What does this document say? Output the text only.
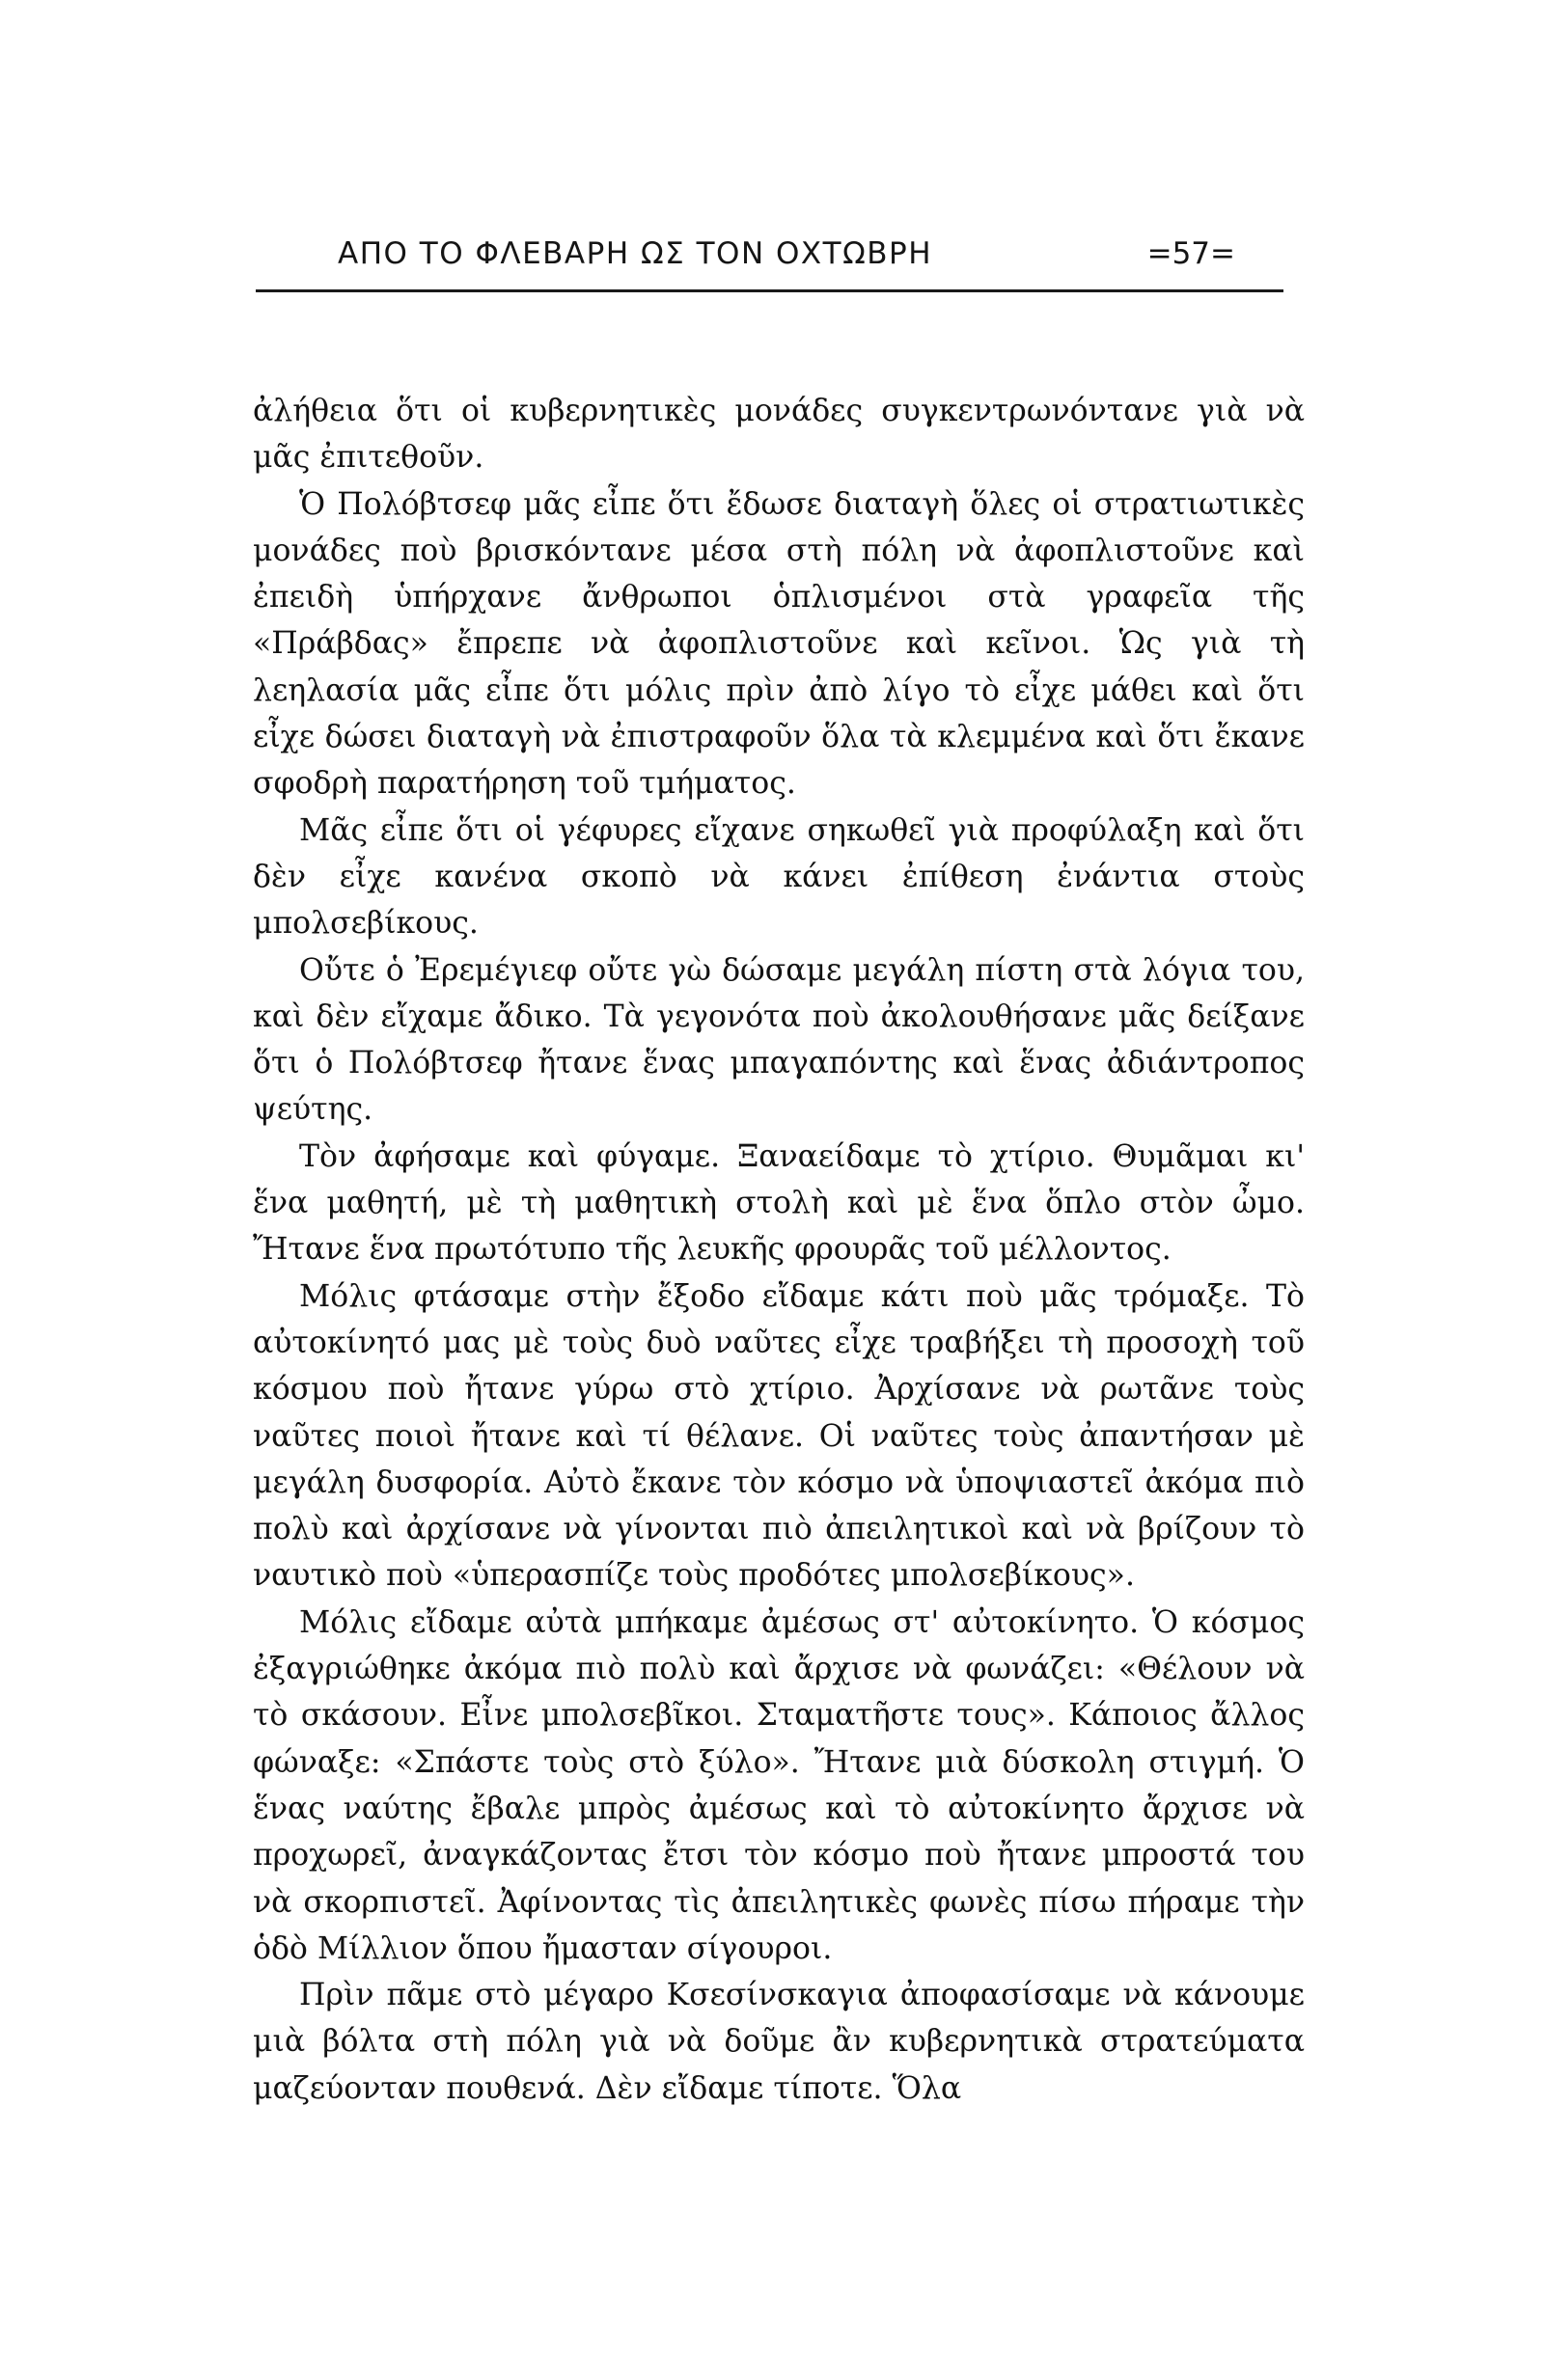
ΑΠΟ ΤΟ ΦΛΕΒΑΡΗ ΩΣ ΤΟΝ ΟΧΤΩΒΡΗ	=57=

ἀλήθεια ὅτι οἱ κυβερνητικὲς μονάδες συγκεντρωνόντανε γιὰ νὰ μᾶς ἐπιτεθοῦν.

Ὁ Πολόβτσεφ μᾶς εἶπε ὅτι ἔδωσε διαταγὴ ὅλες οἱ στρατιωτικὲς μονάδες ποὺ βρισκόντανε μέσα στὴ πόλη νὰ ἀφοπλιστοῦνε καὶ ἐπειδὴ ὑπήρχανε ἄνθρωποι ὁπλισμένοι στὰ γραφεῖα τῆς «Πράβδας» ἔπρεπε νὰ ἀφοπλιστοῦνε καὶ κεῖνοι. Ὡς γιὰ τὴ λεηλασία μᾶς εἶπε ὅτι μόλις πρὶν ἀπὸ λίγο τὸ εἶχε μάθει καὶ ὅτι εἶχε δώσει διαταγὴ νὰ ἐπιστραφοῦν ὅλα τὰ κλεμμένα καὶ ὅτι ἔκανε σφοδρὴ παρατήρηση τοῦ τμήματος.

Μᾶς εἶπε ὅτι οἱ γέφυρες εἴχανε σηκωθεῖ γιὰ προφύλαξη καὶ ὅτι δὲν εἶχε κανένα σκοπὸ νὰ κάνει ἐπίθεση ἐνάντια στοὺς μπολσεβίκους.

Οὔτε ὁ Ἐρεμέγιεφ οὔτε γὼ δώσαμε μεγάλη πίστη στὰ λόγια του, καὶ δὲν εἴχαμε ἄδικο. Τὰ γεγονότα ποὺ ἀκολουθήσανε μᾶς δείξανε ὅτι ὁ Πολόβτσεφ ἤτανε ἕνας μπαγαπόντης καὶ ἕνας ἀδιάντροπος ψεύτης.

Τὸν ἀφήσαμε καὶ φύγαμε. Ξαναείδαμε τὸ χτίριο. Θυμᾶμαι κι' ἕνα μαθητή, μὲ τὴ μαθητικὴ στολὴ καὶ μὲ ἕνα ὅπλο στὸν ὦμο. Ἤτανε ἕνα πρωτότυπο τῆς λευκῆς φρουρᾶς τοῦ μέλλοντος.

Μόλις φτάσαμε στὴν ἔξοδο εἴδαμε κάτι ποὺ μᾶς τρόμαξε. Τὸ αὐτοκίνητό μας μὲ τοὺς δυὸ ναῦτες εἶχε τραβήξει τὴ προσοχὴ τοῦ κόσμου ποὺ ἤτανε γύρω στὸ χτίριο. Ἀρχίσανε νὰ ρωτᾶνε τοὺς ναῦτες ποιοὶ ἤτανε καὶ τί θέλανε. Οἱ ναῦτες τοὺς ἀπαντήσαν μὲ μεγάλη δυσφορία. Αὐτὸ ἔκανε τὸν κόσμο νὰ ὑποψιαστεῖ ἀκόμα πιὸ πολὺ καὶ ἀρχίσανε νὰ γίνονται πιὸ ἀπειλητικοὶ καὶ νὰ βρίζουν τὸ ναυτικὸ ποὺ «ὑπερασπίζε τοὺς προδότες μπολσεβίκους».

Μόλις εἴδαμε αὐτὰ μπήκαμε ἀμέσως στ' αὐτοκίνητο. Ὁ κόσμος ἐξαγριώθηκε ἀκόμα πιὸ πολὺ καὶ ἄρχισε νὰ φωνάζει: «Θέλουν νὰ τὸ σκάσουν. Εἶνε μπολσεβῖκοι. Σταματῆστε τους». Κάποιος ἄλλος φώναξε: «Σπάστε τοὺς στὸ ξύλο». Ἤτανε μιὰ δύσκολη στιγμή. Ὁ ἕνας ναύτης ἔβαλε μπρὸς ἀμέσως καὶ τὸ αὐτοκίνητο ἄρχισε νὰ προχωρεῖ, ἀναγκάζοντας ἔτσι τὸν κόσμο ποὺ ἤτανε μπροστά του νὰ σκορπιστεῖ. Ἀφίνοντας τὶς ἀπειλητικὲς φωνὲς πίσω πήραμε τὴν ὁδὸ Μίλλιον ὅπου ἤμασταν σίγουροι.

Πρὶν πᾶμε στὸ μέγαρο Κσεσίνσκαγια ἀποφασίσαμε νὰ κάνουμε μιὰ βόλτα στὴ πόλη γιὰ νὰ δοῦμε ἂν κυβερνητικὰ στρατεύματα μαζεύονταν πουθενά. Δὲν εἴδαμε τίποτε. Ὅλα
